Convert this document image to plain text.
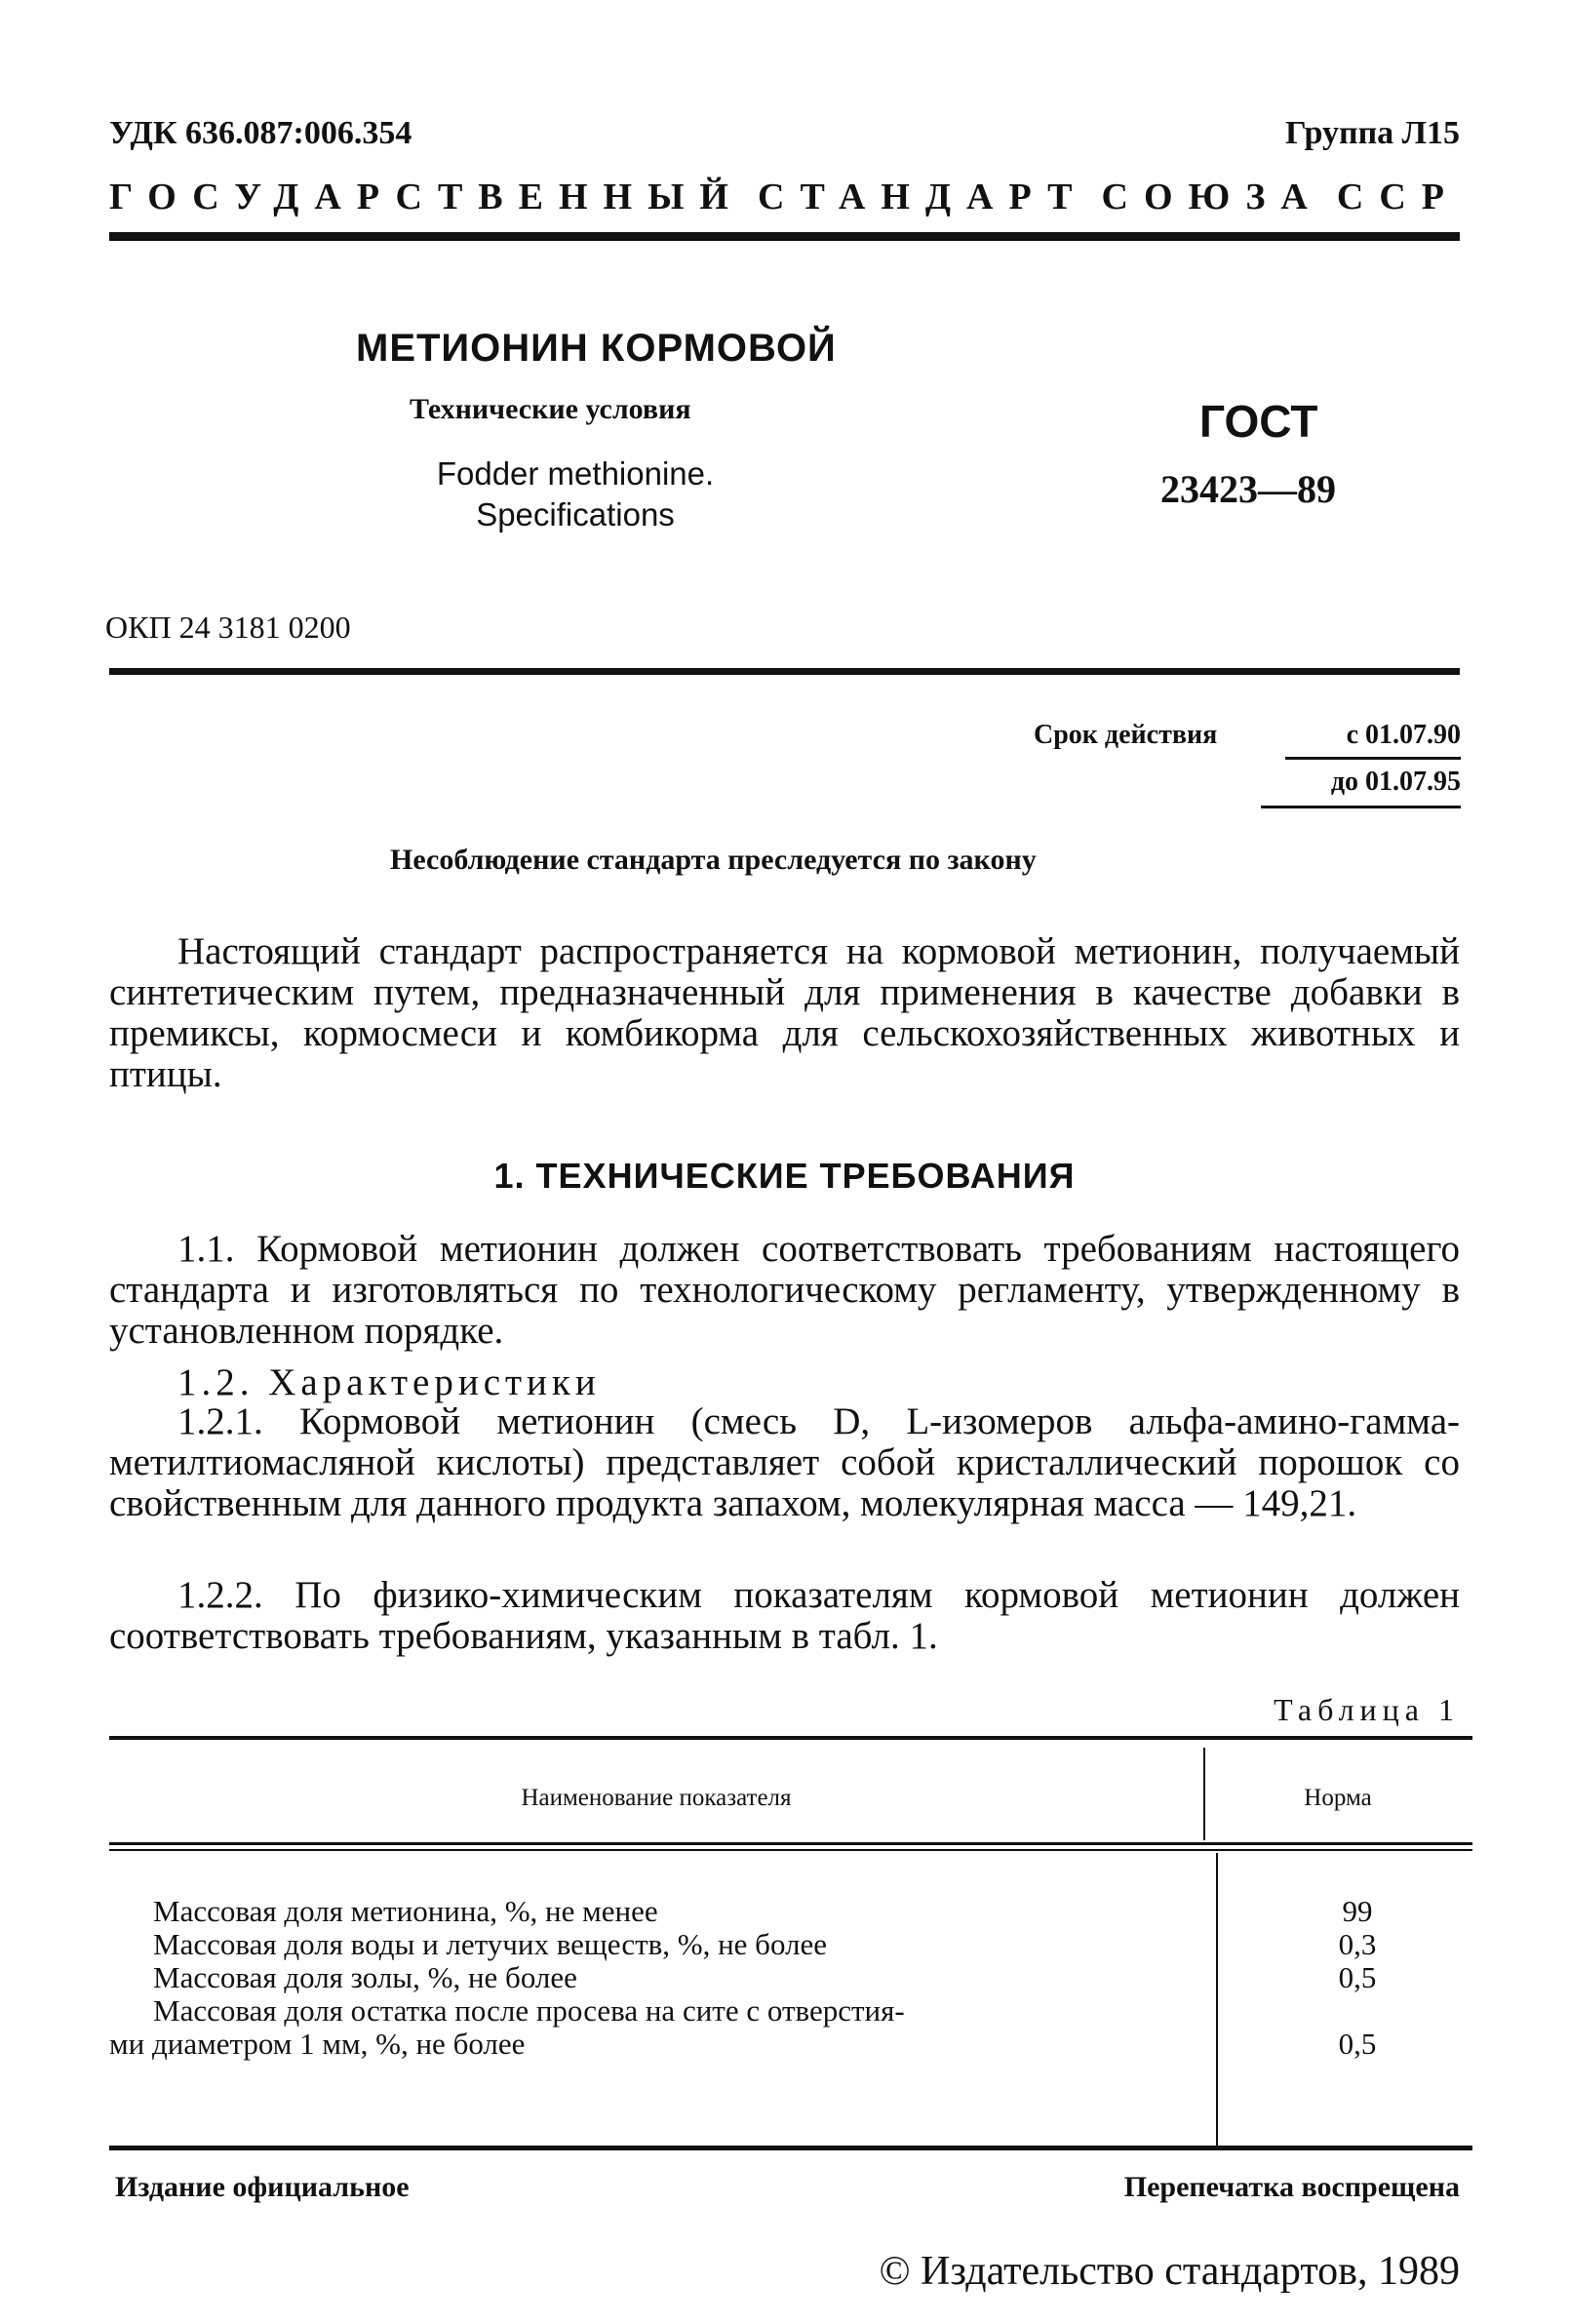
УДК 636.087:006.354	Группа Л15
ГОСУДАРСТВЕННЫЙ СТАНДАРТ СОЮЗА ССР
МЕТИОНИН КОРМОВОЙ
Технические условия
Fodder methionine.
Specifications
ГОСТ
23423—89
ОКП 24 3181 0200
Срок действия	с 01.07.90
до 01.07.95
Несоблюдение стандарта преследуется по закону
Настоящий стандарт распространяется на кормовой метионин, получаемый синтетическим путем, предназначенный для применения в качестве добавки в премиксы, кормосмеси и комбикорма для сельскохозяйственных животных и птицы.
1. ТЕХНИЧЕСКИЕ ТРЕБОВАНИЯ
1.1. Кормовой метионин должен соответствовать требованиям настоящего стандарта и изготовляться по технологическому регламенту, утвержденному в установленном порядке.
1.2. Характеристики
1.2.1. Кормовой метионин (смесь D, L-изомеров альфа-амино-гамма-метилтиомасляной кислоты) представляет собой кристаллический порошок со свойственным для данного продукта запахом, молекулярная масса — 149,21.
1.2.2. По физико-химическим показателям кормовой метионин должен соответствовать требованиям, указанным в табл. 1.
Таблица 1
Наименование показателя	Норма
Массовая доля метионина, %, не менее	99
Массовая доля воды и летучих веществ, %, не более	0,3
Массовая доля золы, %, не более	0,5
Массовая доля остатка после просева на сите с отверстия-
ми диаметром 1 мм, %, не более	0,5
Издание официальное	Перепечатка воспрещена
© Издательство стандартов, 1989
